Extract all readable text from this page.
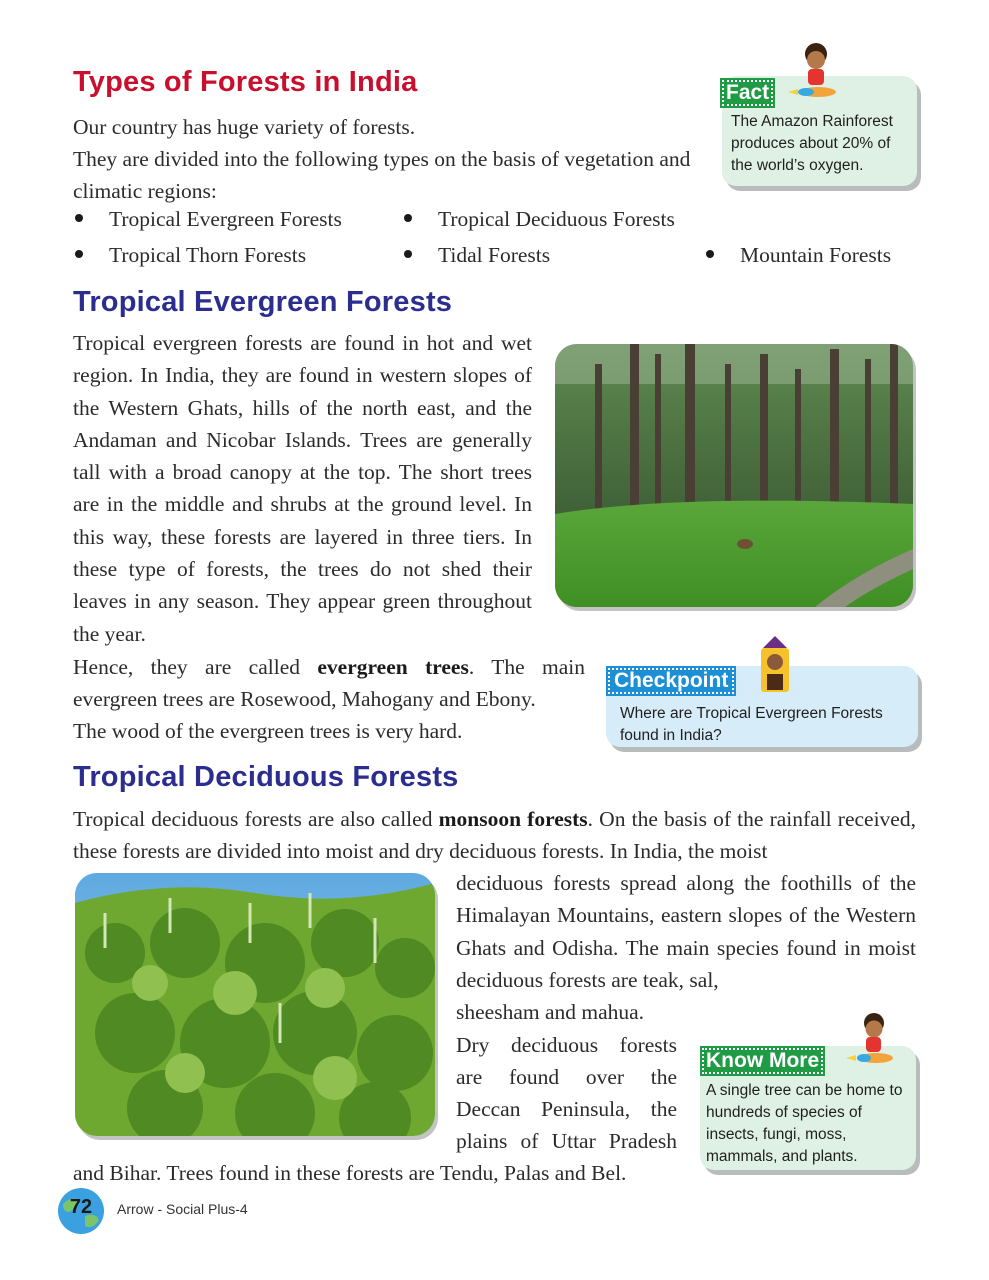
Types of Forests in India
Our country has huge variety of forests.
They are divided into the following types on the basis of vegetation and climatic regions:
Tropical Evergreen Forests	Tropical Deciduous Forests
Tropical Thorn Forests	Tidal Forests	Mountain Forests
The Amazon Rainforest produces about 20% of the world’s oxygen.
Fact
Tropical Evergreen Forests
Tropical evergreen forests are found in hot and wet region. In India, they are found in western slopes of the Western Ghats, hills of the north east, and the Andaman and Nicobar Islands. Trees are generally tall with a broad canopy at the top. The short trees are in the middle and shrubs at the ground level. In this way, these forests are layered in three tiers. In these type of forests, the trees do not shed their leaves in any season. They appear green throughout the year.
Hence, they are called evergreen trees. The main evergreen trees are Rosewood, Mahogany and Ebony.
The wood of the evergreen trees is very hard.
Where are Tropical Evergreen Forests found in India?
Checkpoint
Tropical Deciduous Forests
Tropical deciduous forests are also called monsoon forests. On the basis of the rainfall received, these forests are divided into moist and dry deciduous forests. In India, the moist
deciduous forests spread along the foothills of the Himalayan Mountains, eastern slopes of the Western Ghats and Odisha. The main species found in moist deciduous forests are teak, sal,
sheesham and mahua.
Dry deciduous forests
are found over the
Deccan Peninsula, the
plains of Uttar Pradesh
and Bihar. Trees found in these forests are Tendu, Palas and Bel.
A single tree can be home to hundreds of species of insects, fungi, moss, mammals, and plants.
Know More
72	Arrow - Social Plus-4
